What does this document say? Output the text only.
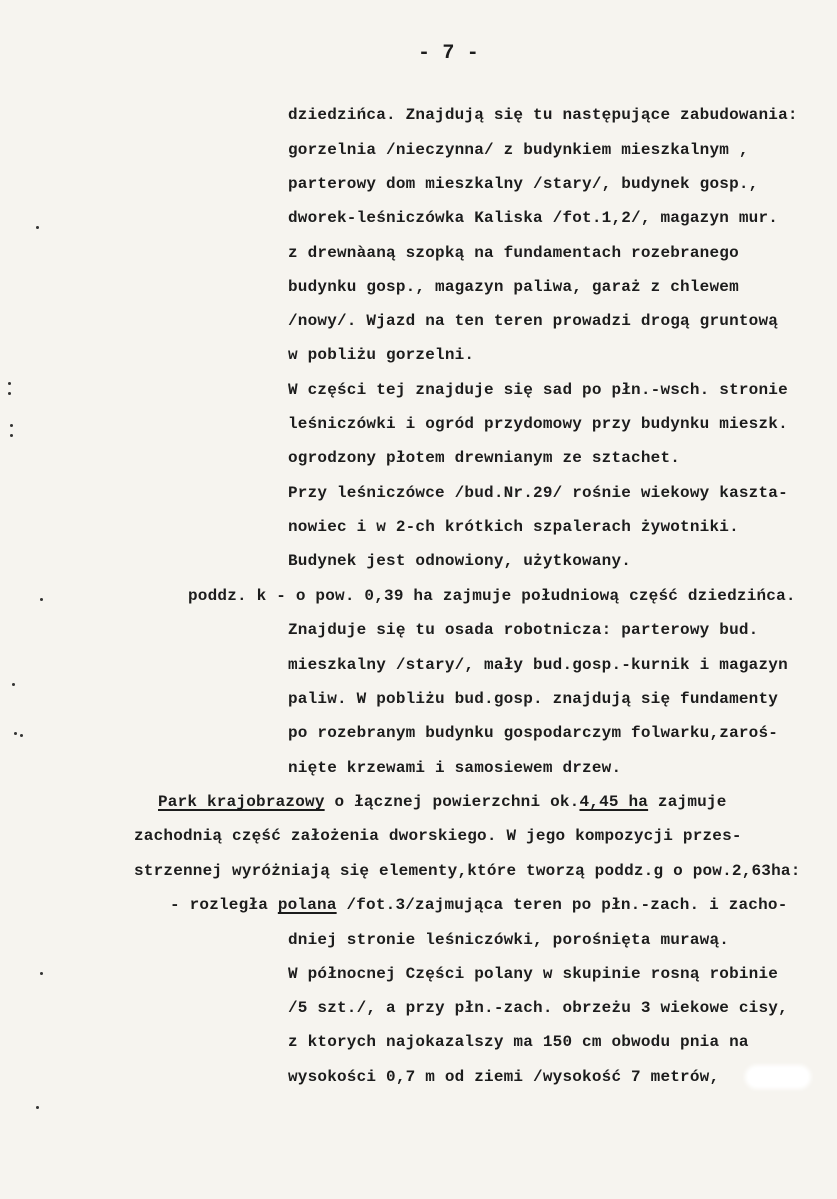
- 7 -
dziedzińca. Znajdują się tu następujące zabudowania:
gorzelnia /nieczynna/ z budynkiem mieszkalnym ,
parterowy dom mieszkalny /stary/, budynek gosp.,
dworek-leśniczówka Kaliska /fot.1,2/, magazyn mur.
z drewnàaną szopką na fundamentach rozebranego
budynku gosp., magazyn paliwa, garaż z chlewem
/nowy/. Wjazd na ten teren prowadzi drogą gruntową
w pobliżu gorzelni.
W części tej znajduje się sad po płn.-wsch. stronie
leśniczówki i ogród przydomowy przy budynku mieszk.
ogrodzony płotem drewnianym ze sztachet.
Przy leśniczówce /bud.Nr.29/ rośnie wiekowy kaszta-
nowiec i w 2-ch krótkich szpalerach żywotniki.
Budynek jest odnowiony, użytkowany.
poddz. k - o pow. 0,39 ha zajmuje południową część dziedzińca.
Znajduje się tu osada robotnicza: parterowy bud.
mieszkalny /stary/, mały bud.gosp.-kurnik i magazyn
paliw. W pobliżu bud.gosp. znajdują się fundamenty
po rozebranym budynku gospodarczym folwarku,zaroś-
nięte krzewami i samosiewem drzew.
Park krajobrazowy o łącznej powierzchni ok.4,45 ha zajmuje
zachodnią część założenia dworskiego. W jego kompozycji przes-
strzennej wyróżniają się elementy,które tworzą poddz.g o pow.2,63ha:
- rozległa polana /fot.3/zajmująca teren po płn.-zach. i zacho-
dniej stronie leśniczówki, porośnięta murawą.
W północnej Części polany w skupinie rosną robinie
/5 szt./, a przy płn.-zach. obrzeżu 3 wiekowe cisy,
z ktorych najokazalszy ma 150 cm obwodu pnia na
wysokości 0,7 m od ziemi /wysokość 7 metrów,
